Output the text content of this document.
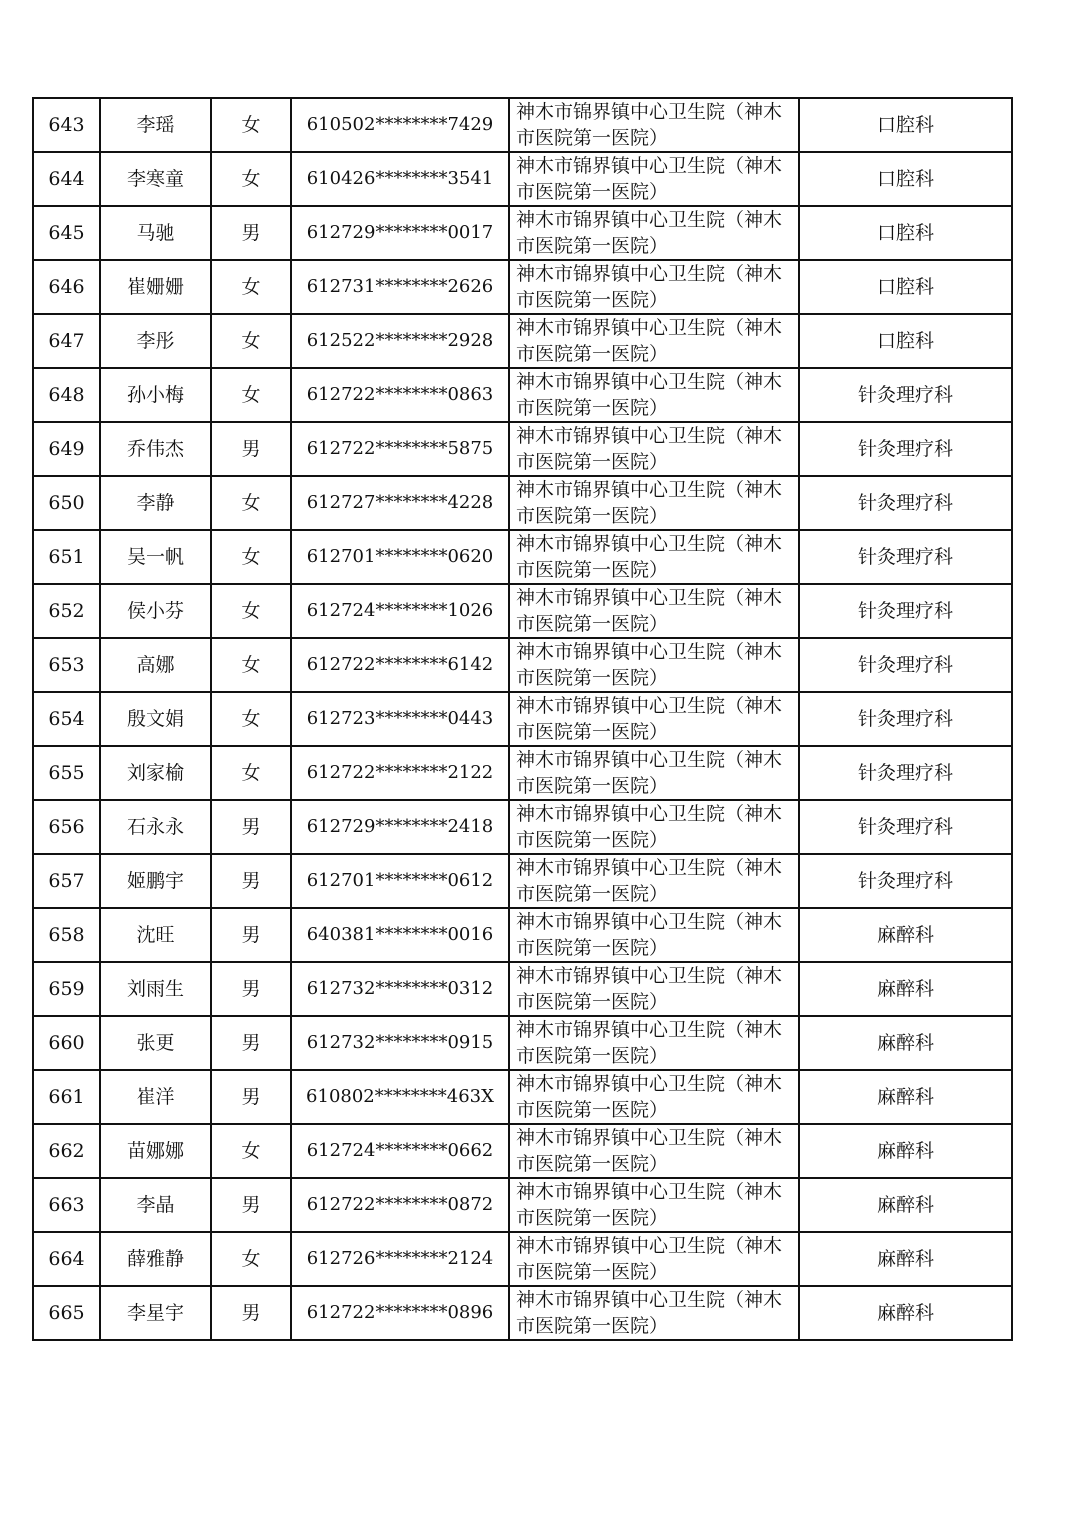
643	李瑶	女	610502********7429	神木市锦界镇中心卫生院（神木市医院第一医院）	口腔科
644	李寒童	女	610426********3541	神木市锦界镇中心卫生院（神木市医院第一医院）	口腔科
645	马驰	男	612729********0017	神木市锦界镇中心卫生院（神木市医院第一医院）	口腔科
646	崔姗姗	女	612731********2626	神木市锦界镇中心卫生院（神木市医院第一医院）	口腔科
647	李彤	女	612522********2928	神木市锦界镇中心卫生院（神木市医院第一医院）	口腔科
648	孙小梅	女	612722********0863	神木市锦界镇中心卫生院（神木市医院第一医院）	针灸理疗科
649	乔伟杰	男	612722********5875	神木市锦界镇中心卫生院（神木市医院第一医院）	针灸理疗科
650	李静	女	612727********4228	神木市锦界镇中心卫生院（神木市医院第一医院）	针灸理疗科
651	吴一帆	女	612701********0620	神木市锦界镇中心卫生院（神木市医院第一医院）	针灸理疗科
652	侯小芬	女	612724********1026	神木市锦界镇中心卫生院（神木市医院第一医院）	针灸理疗科
653	高娜	女	612722********6142	神木市锦界镇中心卫生院（神木市医院第一医院）	针灸理疗科
654	殷文娟	女	612723********0443	神木市锦界镇中心卫生院（神木市医院第一医院）	针灸理疗科
655	刘家榆	女	612722********2122	神木市锦界镇中心卫生院（神木市医院第一医院）	针灸理疗科
656	石永永	男	612729********2418	神木市锦界镇中心卫生院（神木市医院第一医院）	针灸理疗科
657	姬鹏宇	男	612701********0612	神木市锦界镇中心卫生院（神木市医院第一医院）	针灸理疗科
658	沈旺	男	640381********0016	神木市锦界镇中心卫生院（神木市医院第一医院）	麻醉科
659	刘雨生	男	612732********0312	神木市锦界镇中心卫生院（神木市医院第一医院）	麻醉科
660	张更	男	612732********0915	神木市锦界镇中心卫生院（神木市医院第一医院）	麻醉科
661	崔洋	男	610802********463X	神木市锦界镇中心卫生院（神木市医院第一医院）	麻醉科
662	苗娜娜	女	612724********0662	神木市锦界镇中心卫生院（神木市医院第一医院）	麻醉科
663	李晶	男	612722********0872	神木市锦界镇中心卫生院（神木市医院第一医院）	麻醉科
664	薛雅静	女	612726********2124	神木市锦界镇中心卫生院（神木市医院第一医院）	麻醉科
665	李星宇	男	612722********0896	神木市锦界镇中心卫生院（神木市医院第一医院）	麻醉科
